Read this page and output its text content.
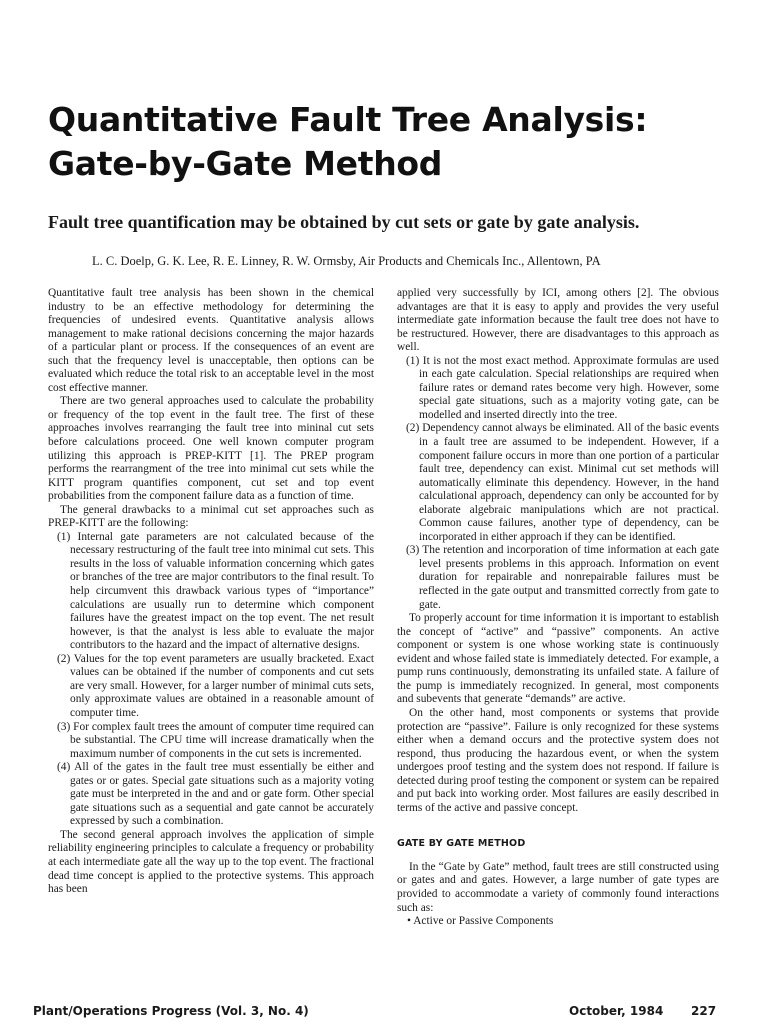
Quantitative Fault Tree Analysis:
Gate-by-Gate Method

Fault tree quantification may be obtained by cut sets or gate by gate analysis.

L. C. Doelp, G. K. Lee, R. E. Linney, R. W. Ormsby, Air Products and Chemicals Inc., Allentown, PA

Quantitative fault tree analysis has been shown in the chemical industry to be an effective methodology for determining the frequencies of undesired events. Quantitative analysis allows management to make rational decisions concerning the major hazards of a particular plant or process. If the consequences of an event are such that the frequency level is unacceptable, then options can be evaluated which reduce the total risk to an acceptable level in the most cost effective manner.

There are two general approaches used to calculate the probability or frequency of the top event in the fault tree. The first of these approaches involves rearranging the fault tree into mininal cut sets before calculations proceed. One well known computer program utilizing this approach is PREP-KITT [1]. The PREP program performs the rearrangment of the tree into minimal cut sets while the KITT program quantifies component, cut set and top event probabilities from the component failure data as a function of time.

The general drawbacks to a minimal cut set approaches such as PREP-KITT are the following:

(1) Internal gate parameters are not calculated because of the necessary restructuring of the fault tree into minimal cut sets. This results in the loss of valuable information concerning which gates or branches of the tree are major contributors to the final result. To help circumvent this drawback various types of “importance” calculations are usually run to determine which component failures have the greatest impact on the top event. The net result however, is that the analyst is less able to evaluate the major contributors to the hazard and the impact of alternative designs.

(2) Values for the top event parameters are usually bracketed. Exact values can be obtained if the number of components and cut sets are very small. However, for a larger number of minimal cuts sets, only approximate values are obtained in a reasonable amount of computer time.

(3) For complex fault trees the amount of computer time required can be substantial. The CPU time will increase dramatically when the maximum number of components in the cut sets is incremented.

(4) All of the gates in the fault tree must essentially be either and gates or or gates. Special gate situations such as a majority voting gate must be interpreted in the and and or gate form. Other special gate situations such as a sequential and gate cannot be accurately expressed by such a combination.

The second general approach involves the application of simple reliability engineering principles to calculate a frequency or probability at each intermediate gate all the way up to the top event. The fractional dead time concept is applied to the protective systems. This approach has been

applied very successfully by ICI, among others [2]. The obvious advantages are that it is easy to apply and provides the very useful intermediate gate information because the fault tree does not have to be restructured. However, there are disadvantages to this approach as well.

(1) It is not the most exact method. Approximate formulas are used in each gate calculation. Special relationships are required when failure rates or demand rates become very high. However, some special gate situations, such as a majority voting gate, can be modelled and inserted directly into the tree.

(2) Dependency cannot always be eliminated. All of the basic events in a fault tree are assumed to be independent. However, if a component failure occurs in more than one portion of a particular fault tree, dependency can exist. Minimal cut set methods will automatically eliminate this dependency. However, in the hand calculational approach, dependency can only be accounted for by elaborate algebraic manipulations which are not practical. Common cause failures, another type of dependency, can be incorporated in either approach if they can be identified.

(3) The retention and incorporation of time information at each gate level presents problems in this approach. Information on event duration for repairable and nonrepairable failures must be reflected in the gate output and transmitted correctly from gate to gate.

To properly account for time information it is important to establish the concept of “active” and “passive” components. An active component or system is one whose working state is continuously evident and whose failed state is immediately detected. For example, a pump runs continuously, demonstrating its unfailed state. A failure of the pump is immediately recognized. In general, most components and subevents that generate “demands” are active.

On the other hand, most components or systems that provide protection are “passive”. Failure is only recognized for these systems either when a demand occurs and the protective system does not respond, thus producing the hazardous event, or when the system undergoes proof testing and the system does not respond. If failure is detected during proof testing the component or system can be repaired and put back into working order. Most failures are easily described in terms of the active and passive concept.

GATE BY GATE METHOD

In the “Gate by Gate” method, fault trees are still constructed using or gates and and gates. However, a large number of gate types are provided to accommodate a variety of commonly found interactions such as:

• Active or Passive Components

Plant/Operations Progress (Vol. 3, No. 4)	October, 1984 227
